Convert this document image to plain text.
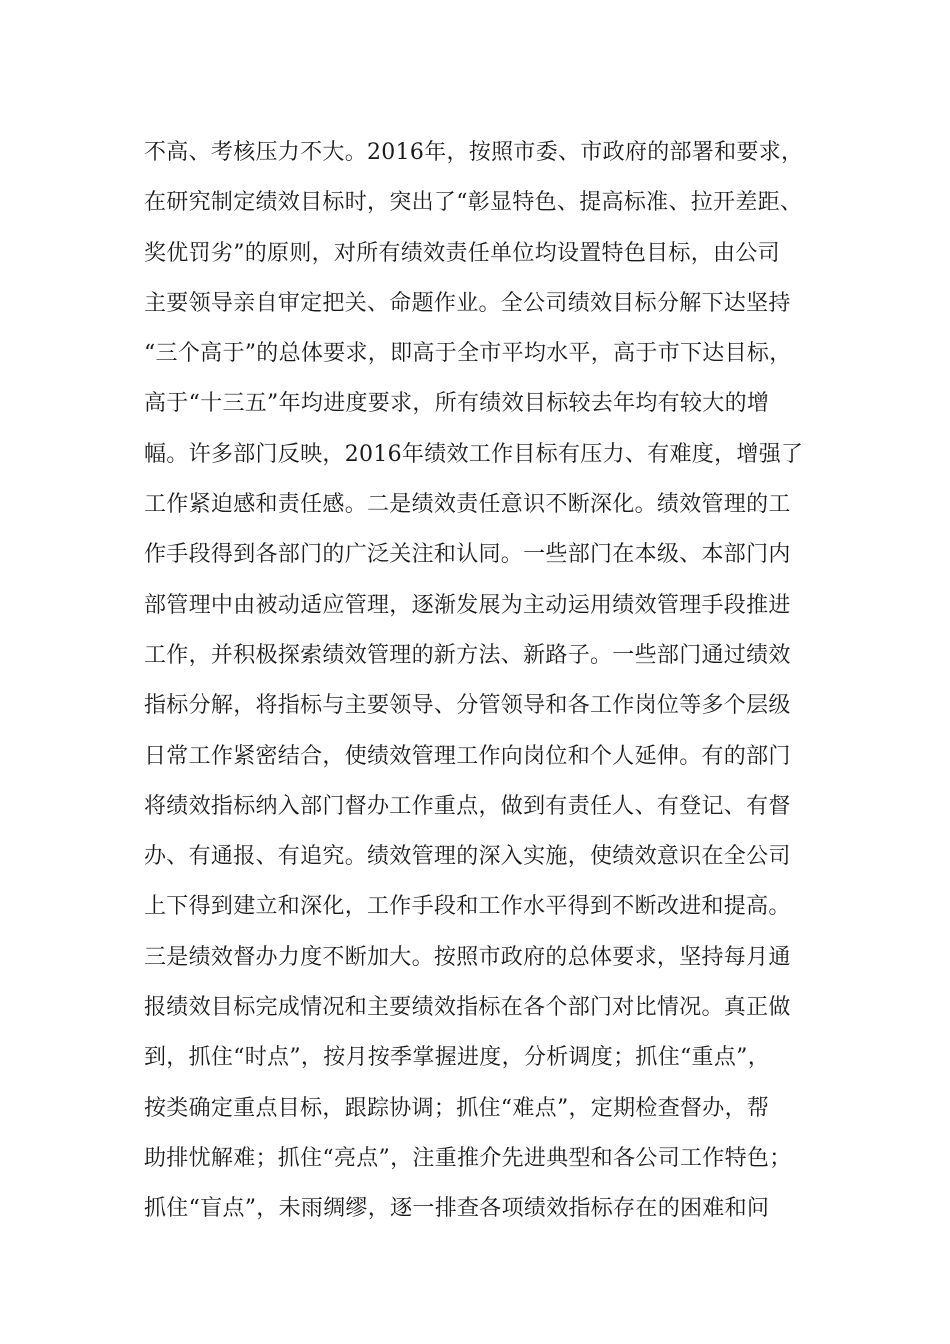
不高、考核压力不大。2016年，按照市委、市政府的部署和要求，
在研究制定绩效目标时，突出了“彰显特色、提高标准、拉开差距、
奖优罚劣”的原则，对所有绩效责任单位均设置特色目标，由公司
主要领导亲自审定把关、命题作业。全公司绩效目标分解下达坚持
“三个高于”的总体要求，即高于全市平均水平，高于市下达目标，
高于“十三五”年均进度要求，所有绩效目标较去年均有较大的增
幅。许多部门反映，2016年绩效工作目标有压力、有难度，增强了
工作紧迫感和责任感。二是绩效责任意识不断深化。绩效管理的工
作手段得到各部门的广泛关注和认同。一些部门在本级、本部门内
部管理中由被动适应管理，逐渐发展为主动运用绩效管理手段推进
工作，并积极探索绩效管理的新方法、新路子。一些部门通过绩效
指标分解，将指标与主要领导、分管领导和各工作岗位等多个层级
日常工作紧密结合，使绩效管理工作向岗位和个人延伸。有的部门
将绩效指标纳入部门督办工作重点，做到有责任人、有登记、有督
办、有通报、有追究。绩效管理的深入实施，使绩效意识在全公司
上下得到建立和深化，工作手段和工作水平得到不断改进和提高。
三是绩效督办力度不断加大。按照市政府的总体要求，坚持每月通
报绩效目标完成情况和主要绩效指标在各个部门对比情况。真正做
到，抓住“时点”，按月按季掌握进度，分析调度；抓住“重点”，
按类确定重点目标，跟踪协调；抓住“难点”，定期检查督办，帮
助排忧解难；抓住“亮点”，注重推介先进典型和各公司工作特色；
抓住“盲点”，未雨绸缪，逐一排查各项绩效指标存在的困难和问
